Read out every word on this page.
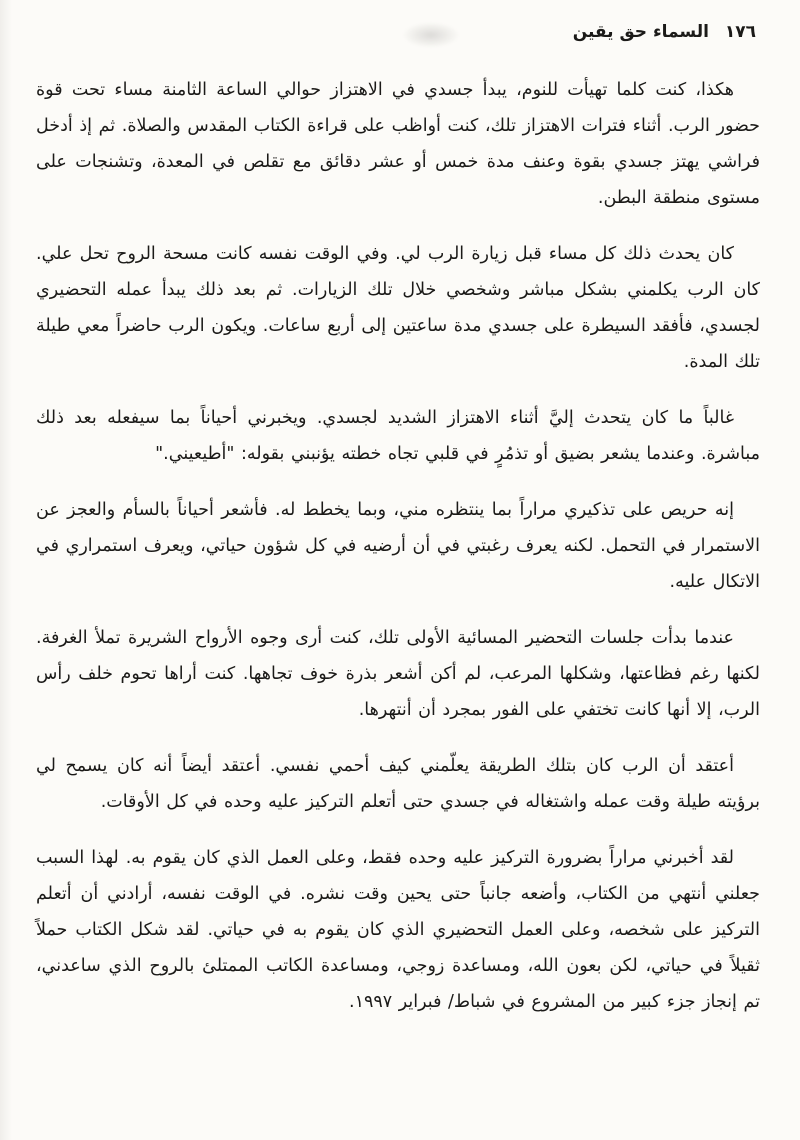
١٧٦ السماء حق يقين

هكذا، كنت كلما تهيأت للنوم، يبدأ جسدي في الاهتزاز حوالي الساعة الثامنة مساء تحت قوة حضور الرب. أثناء فترات الاهتزاز تلك، كنت أواظب على قراءة الكتاب المقدس والصلاة. ثم إذ أدخل فراشي يهتز جسدي بقوة وعنف مدة خمس أو عشر دقائق مع تقلص في المعدة، وتشنجات على مستوى منطقة البطن.

كان يحدث ذلك كل مساء قبل زيارة الرب لي. وفي الوقت نفسه كانت مسحة الروح تحل علي. كان الرب يكلمني بشكل مباشر وشخصي خلال تلك الزيارات. ثم بعد ذلك يبدأ عمله التحضيري لجسدي، فأفقد السيطرة على جسدي مدة ساعتين إلى أربع ساعات. ويكون الرب حاضراً معي طيلة تلك المدة.

غالباً ما كان يتحدث إليَّ أثناء الاهتزاز الشديد لجسدي. ويخبرني أحياناً بما سيفعله بعد ذلك مباشرة. وعندما يشعر بضيق أو تذمُرٍ في قلبي تجاه خطته يؤنبني بقوله: "أطيعيني."

إنه حريص على تذكيري مراراً بما ينتظره مني، وبما يخطط له. فأشعر أحياناً بالسأم والعجز عن الاستمرار في التحمل. لكنه يعرف رغبتي في أن أرضيه في كل شؤون حياتي، ويعرف استمراري في الاتكال عليه.

عندما بدأت جلسات التحضير المسائية الأولى تلك، كنت أرى وجوه الأرواح الشريرة تملأ الغرفة. لكنها رغم فظاعتها، وشكلها المرعب، لم أكن أشعر بذرة خوف تجاهها. كنت أراها تحوم خلف رأس الرب، إلا أنها كانت تختفي على الفور بمجرد أن أنتهرها.

أعتقد أن الرب كان بتلك الطريقة يعلّمني كيف أحمي نفسي. أعتقد أيضاً أنه كان يسمح لي برؤيته طيلة وقت عمله واشتغاله في جسدي حتى أتعلم التركيز عليه وحده في كل الأوقات.

لقد أخبرني مراراً بضرورة التركيز عليه وحده فقط، وعلى العمل الذي كان يقوم به. لهذا السبب جعلني أنتهي من الكتاب، وأضعه جانباً حتى يحين وقت نشره. في الوقت نفسه، أرادني أن أتعلم التركيز على شخصه، وعلى العمل التحضيري الذي كان يقوم به في حياتي. لقد شكل الكتاب حملاً ثقيلاً في حياتي، لكن بعون الله، ومساعدة زوجي، ومساعدة الكاتب الممتلئ بالروح الذي ساعدني، تم إنجاز جزء كبير من المشروع في شباط/ فبراير ١٩٩٧.
